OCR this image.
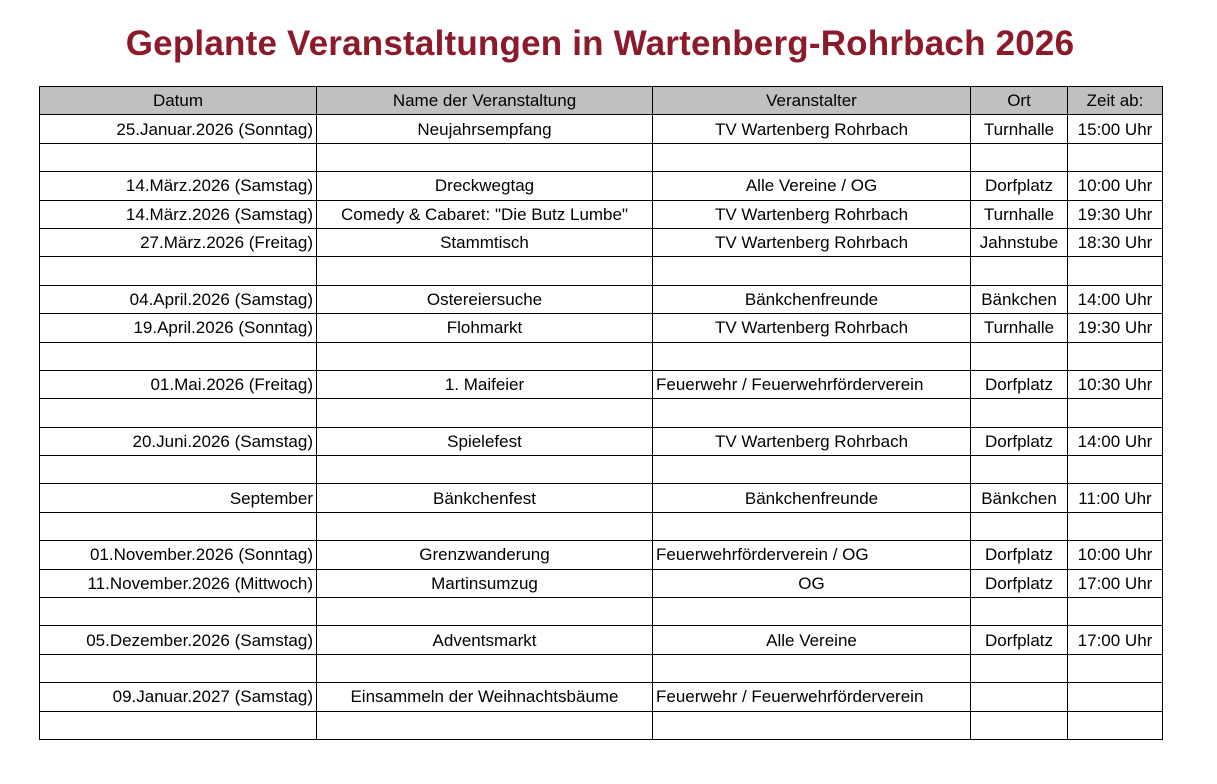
Geplante Veranstaltungen in Wartenberg-Rohrbach 2026
Datum	Name der Veranstaltung	Veranstalter	Ort	Zeit ab:
25.Januar.2026 (Sonntag)	Neujahrsempfang	TV Wartenberg Rohrbach	Turnhalle	15:00 Uhr

14.März.2026 (Samstag)	Dreckwegtag	Alle Vereine / OG	Dorfplatz	10:00 Uhr
14.März.2026 (Samstag)	Comedy & Cabaret: "Die Butz Lumbe"	TV Wartenberg Rohrbach	Turnhalle	19:30 Uhr
27.März.2026 (Freitag)	Stammtisch	TV Wartenberg Rohrbach	Jahnstube	18:30 Uhr

04.April.2026 (Samstag)	Ostereiersuche	Bänkchenfreunde	Bänkchen	14:00 Uhr
19.April.2026 (Sonntag)	Flohmarkt	TV Wartenberg Rohrbach	Turnhalle	19:30 Uhr

01.Mai.2026 (Freitag)	1. Maifeier	Feuerwehr / Feuerwehrförderverein	Dorfplatz	10:30 Uhr

20.Juni.2026 (Samstag)	Spielefest	TV Wartenberg Rohrbach	Dorfplatz	14:00 Uhr

September	Bänkchenfest	Bänkchenfreunde	Bänkchen	11:00 Uhr

01.November.2026 (Sonntag)	Grenzwanderung	Feuerwehrförderverein / OG	Dorfplatz	10:00 Uhr
11.November.2026 (Mittwoch)	Martinsumzug	OG	Dorfplatz	17:00 Uhr

05.Dezember.2026 (Samstag)	Adventsmarkt	Alle Vereine	Dorfplatz	17:00 Uhr

09.Januar.2027 (Samstag)	Einsammeln der Weihnachtsbäume	Feuerwehr / Feuerwehrförderverein		
